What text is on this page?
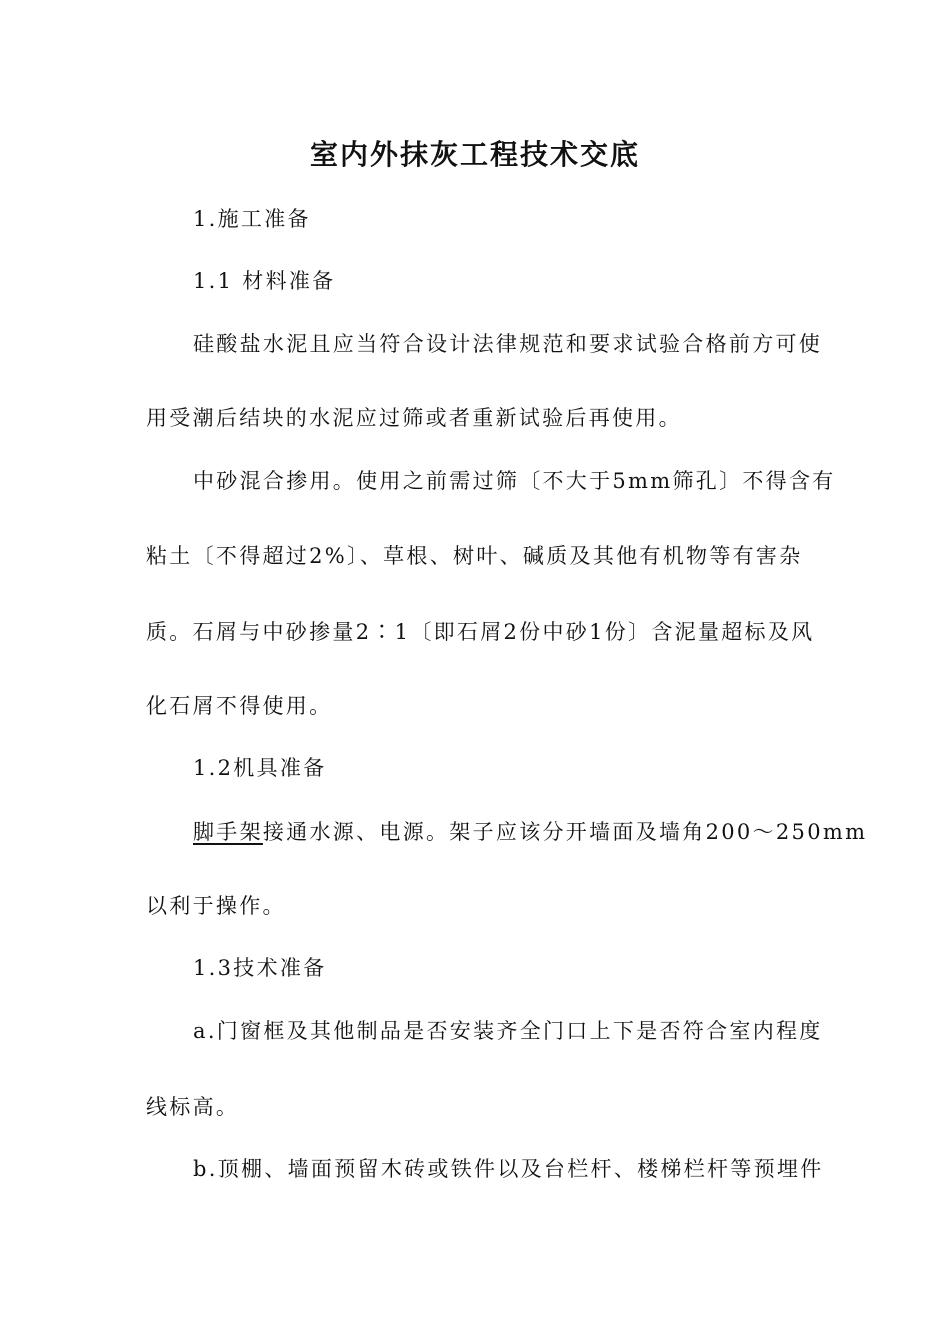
室内外抹灰工程技术交底

1.施工准备

1.1 材料准备

硅酸盐水泥且应当符合设计法律规范和要求试验合格前方可使

用受潮后结块的水泥应过筛或者重新试验后再使用。

中砂混合掺用。使用之前需过筛〔不大于5mm筛孔〕不得含有

粘土〔不得超过2%〕、草根、树叶、碱质及其他有机物等有害杂

质。石屑与中砂掺量2∶1〔即石屑2份中砂1份〕含泥量超标及风

化石屑不得使用。

1.2机具准备

脚手架接通水源、电源。架子应该分开墙面及墙角200～250mm

以利于操作。

1.3技术准备

a.门窗框及其他制品是否安装齐全门口上下是否符合室内程度

线标高。

b.顶棚、墙面预留木砖或铁件以及台栏杆、楼梯栏杆等预埋件
